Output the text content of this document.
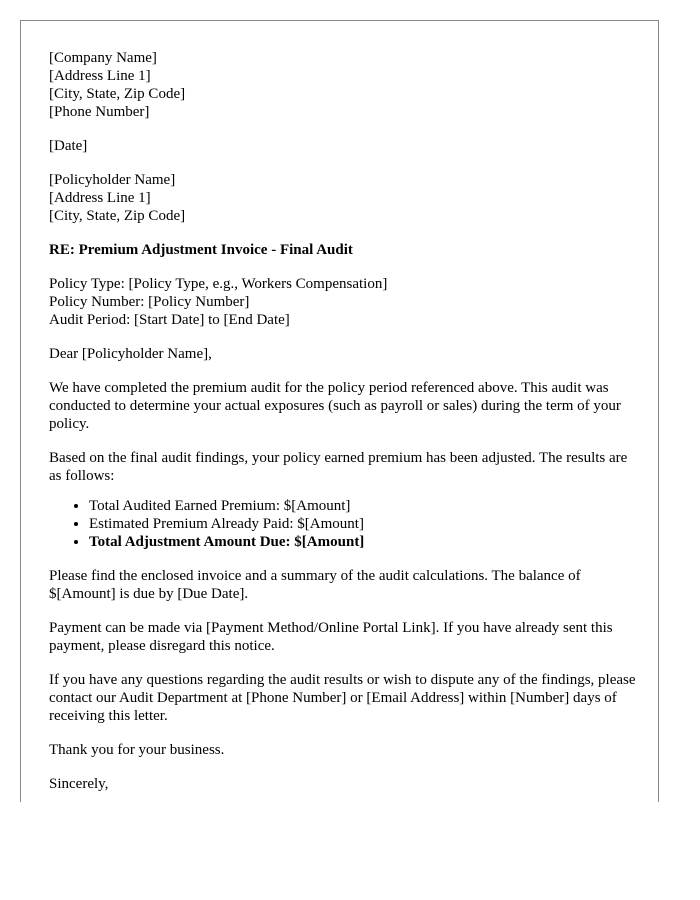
[Company Name]
[Address Line 1]
[City, State, Zip Code]
[Phone Number]

[Date]

[Policyholder Name]
[Address Line 1]
[City, State, Zip Code]

RE: Premium Adjustment Invoice - Final Audit

Policy Type: [Policy Type, e.g., Workers Compensation]
Policy Number: [Policy Number]
Audit Period: [Start Date] to [End Date]

Dear [Policyholder Name],

We have completed the premium audit for the policy period referenced above. This audit was conducted to determine your actual exposures (such as payroll or sales) during the term of your policy.

Based on the final audit findings, your policy earned premium has been adjusted. The results are as follows:

• Total Audited Earned Premium: $[Amount]
• Estimated Premium Already Paid: $[Amount]
• Total Adjustment Amount Due: $[Amount]

Please find the enclosed invoice and a summary of the audit calculations. The balance of $[Amount] is due by [Due Date].

Payment can be made via [Payment Method/Online Portal Link]. If you have already sent this payment, please disregard this notice.

If you have any questions regarding the audit results or wish to dispute any of the findings, please contact our Audit Department at [Phone Number] or [Email Address] within [Number] days of receiving this letter.

Thank you for your business.

Sincerely,
